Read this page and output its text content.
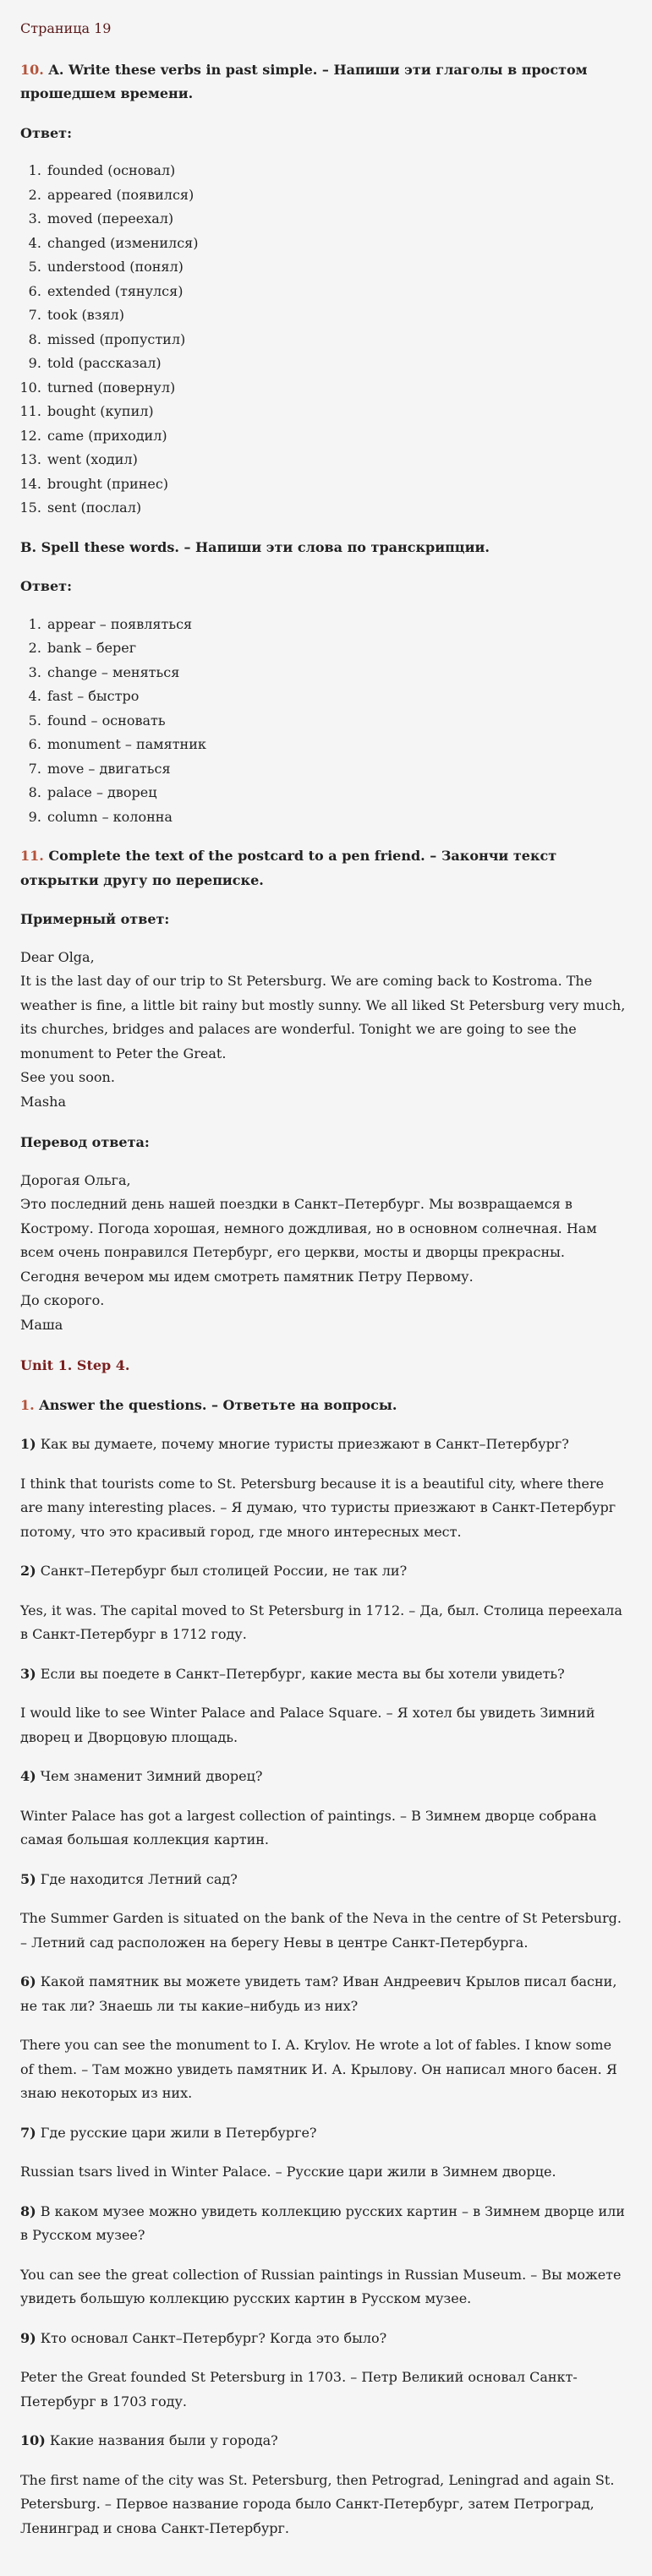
Страница 19
10. A. Write these verbs in past simple. – Напиши эти глаголы в простом прошедшем времени.
Ответ:
1. founded (основал)
2. appeared (появился)
3. moved (переехал)
4. changed (изменился)
5. understood (понял)
6. extended (тянулся)
7. took (взял)
8. missed (пропустил)
9. told (рассказал)
10. turned (повернул)
11. bought (купил)
12. came (приходил)
13. went (ходил)
14. brought (принес)
15. sent (послал)
B. Spell these words. – Напиши эти слова по транскрипции.
Ответ:
1. appear – появляться
2. bank – берег
3. change – меняться
4. fast – быстро
5. found – основать
6. monument – памятник
7. move – двигаться
8. palace – дворец
9. column – колонна
11. Complete the text of the postcard to a pen friend. – Закончи текст открытки другу по переписке.
Примерный ответ:
Dear Olga,
It is the last day of our trip to St Petersburg. We are coming back to Kostroma. The weather is fine, a little bit rainy but mostly sunny. We all liked St Petersburg very much, its churches, bridges and palaces are wonderful. Tonight we are going to see the monument to Peter the Great.
See you soon.
Masha
Перевод ответа:
Дорогая Ольга,
Это последний день нашей поездки в Санкт–Петербург. Мы возвращаемся в Кострому. Погода хорошая, немного дождливая, но в основном солнечная. Нам всем очень понравился Петербург, его церкви, мосты и дворцы прекрасны. Сегодня вечером мы идем смотреть памятник Петру Первому.
До скорого.
Маша
Unit 1. Step 4.
1. Answer the questions. – Ответьте на вопросы.
1) Как вы думаете, почему многие туристы приезжают в Санкт–Петербург?
I think that tourists come to St. Petersburg because it is a beautiful city, where there are many interesting places. – Я думаю, что туристы приезжают в Санкт-Петербург потому, что это красивый город, где много интересных мест.
2) Санкт–Петербург был столицей России, не так ли?
Yes, it was. The capital moved to St Petersburg in 1712. – Да, был. Столица переехала в Санкт-Петербург в 1712 году.
3) Если вы поедете в Санкт–Петербург, какие места вы бы хотели увидеть?
I would like to see Winter Palace and Palace Square. – Я хотел бы увидеть Зимний дворец и Дворцовую площадь.
4) Чем знаменит Зимний дворец?
Winter Palace has got a largest collection of paintings. – В Зимнем дворце собрана самая большая коллекция картин.
5) Где находится Летний сад?
The Summer Garden is situated on the bank of the Neva in the centre of St Petersburg. – Летний сад расположен на берегу Невы в центре Санкт-Петербурга.
6) Какой памятник вы можете увидеть там? Иван Андреевич Крылов писал басни, не так ли? Знаешь ли ты какие–нибудь из них?
There you can see the monument to I. A. Krylov. He wrote a lot of fables. I know some of them. – Там можно увидеть памятник И. А. Крылову. Он написал много басен. Я знаю некоторых из них.
7) Где русские цари жили в Петербурге?
Russian tsars lived in Winter Palace. – Русские цари жили в Зимнем дворце.
8) В каком музее можно увидеть коллекцию русских картин – в Зимнем дворце или в Русском музее?
You can see the great collection of Russian paintings in Russian Museum. – Вы можете увидеть большую коллекцию русских картин в Русском музее.
9) Кто основал Санкт–Петербург? Когда это было?
Peter the Great founded St Petersburg in 1703. – Петр Великий основал Санкт-Петербург в 1703 году.
10) Какие названия были у города?
The first name of the city was St. Petersburg, then Petrograd, Leningrad and again St. Petersburg. – Первое название города было Санкт-Петербург, затем Петроград, Ленинград и снова Санкт-Петербург.
